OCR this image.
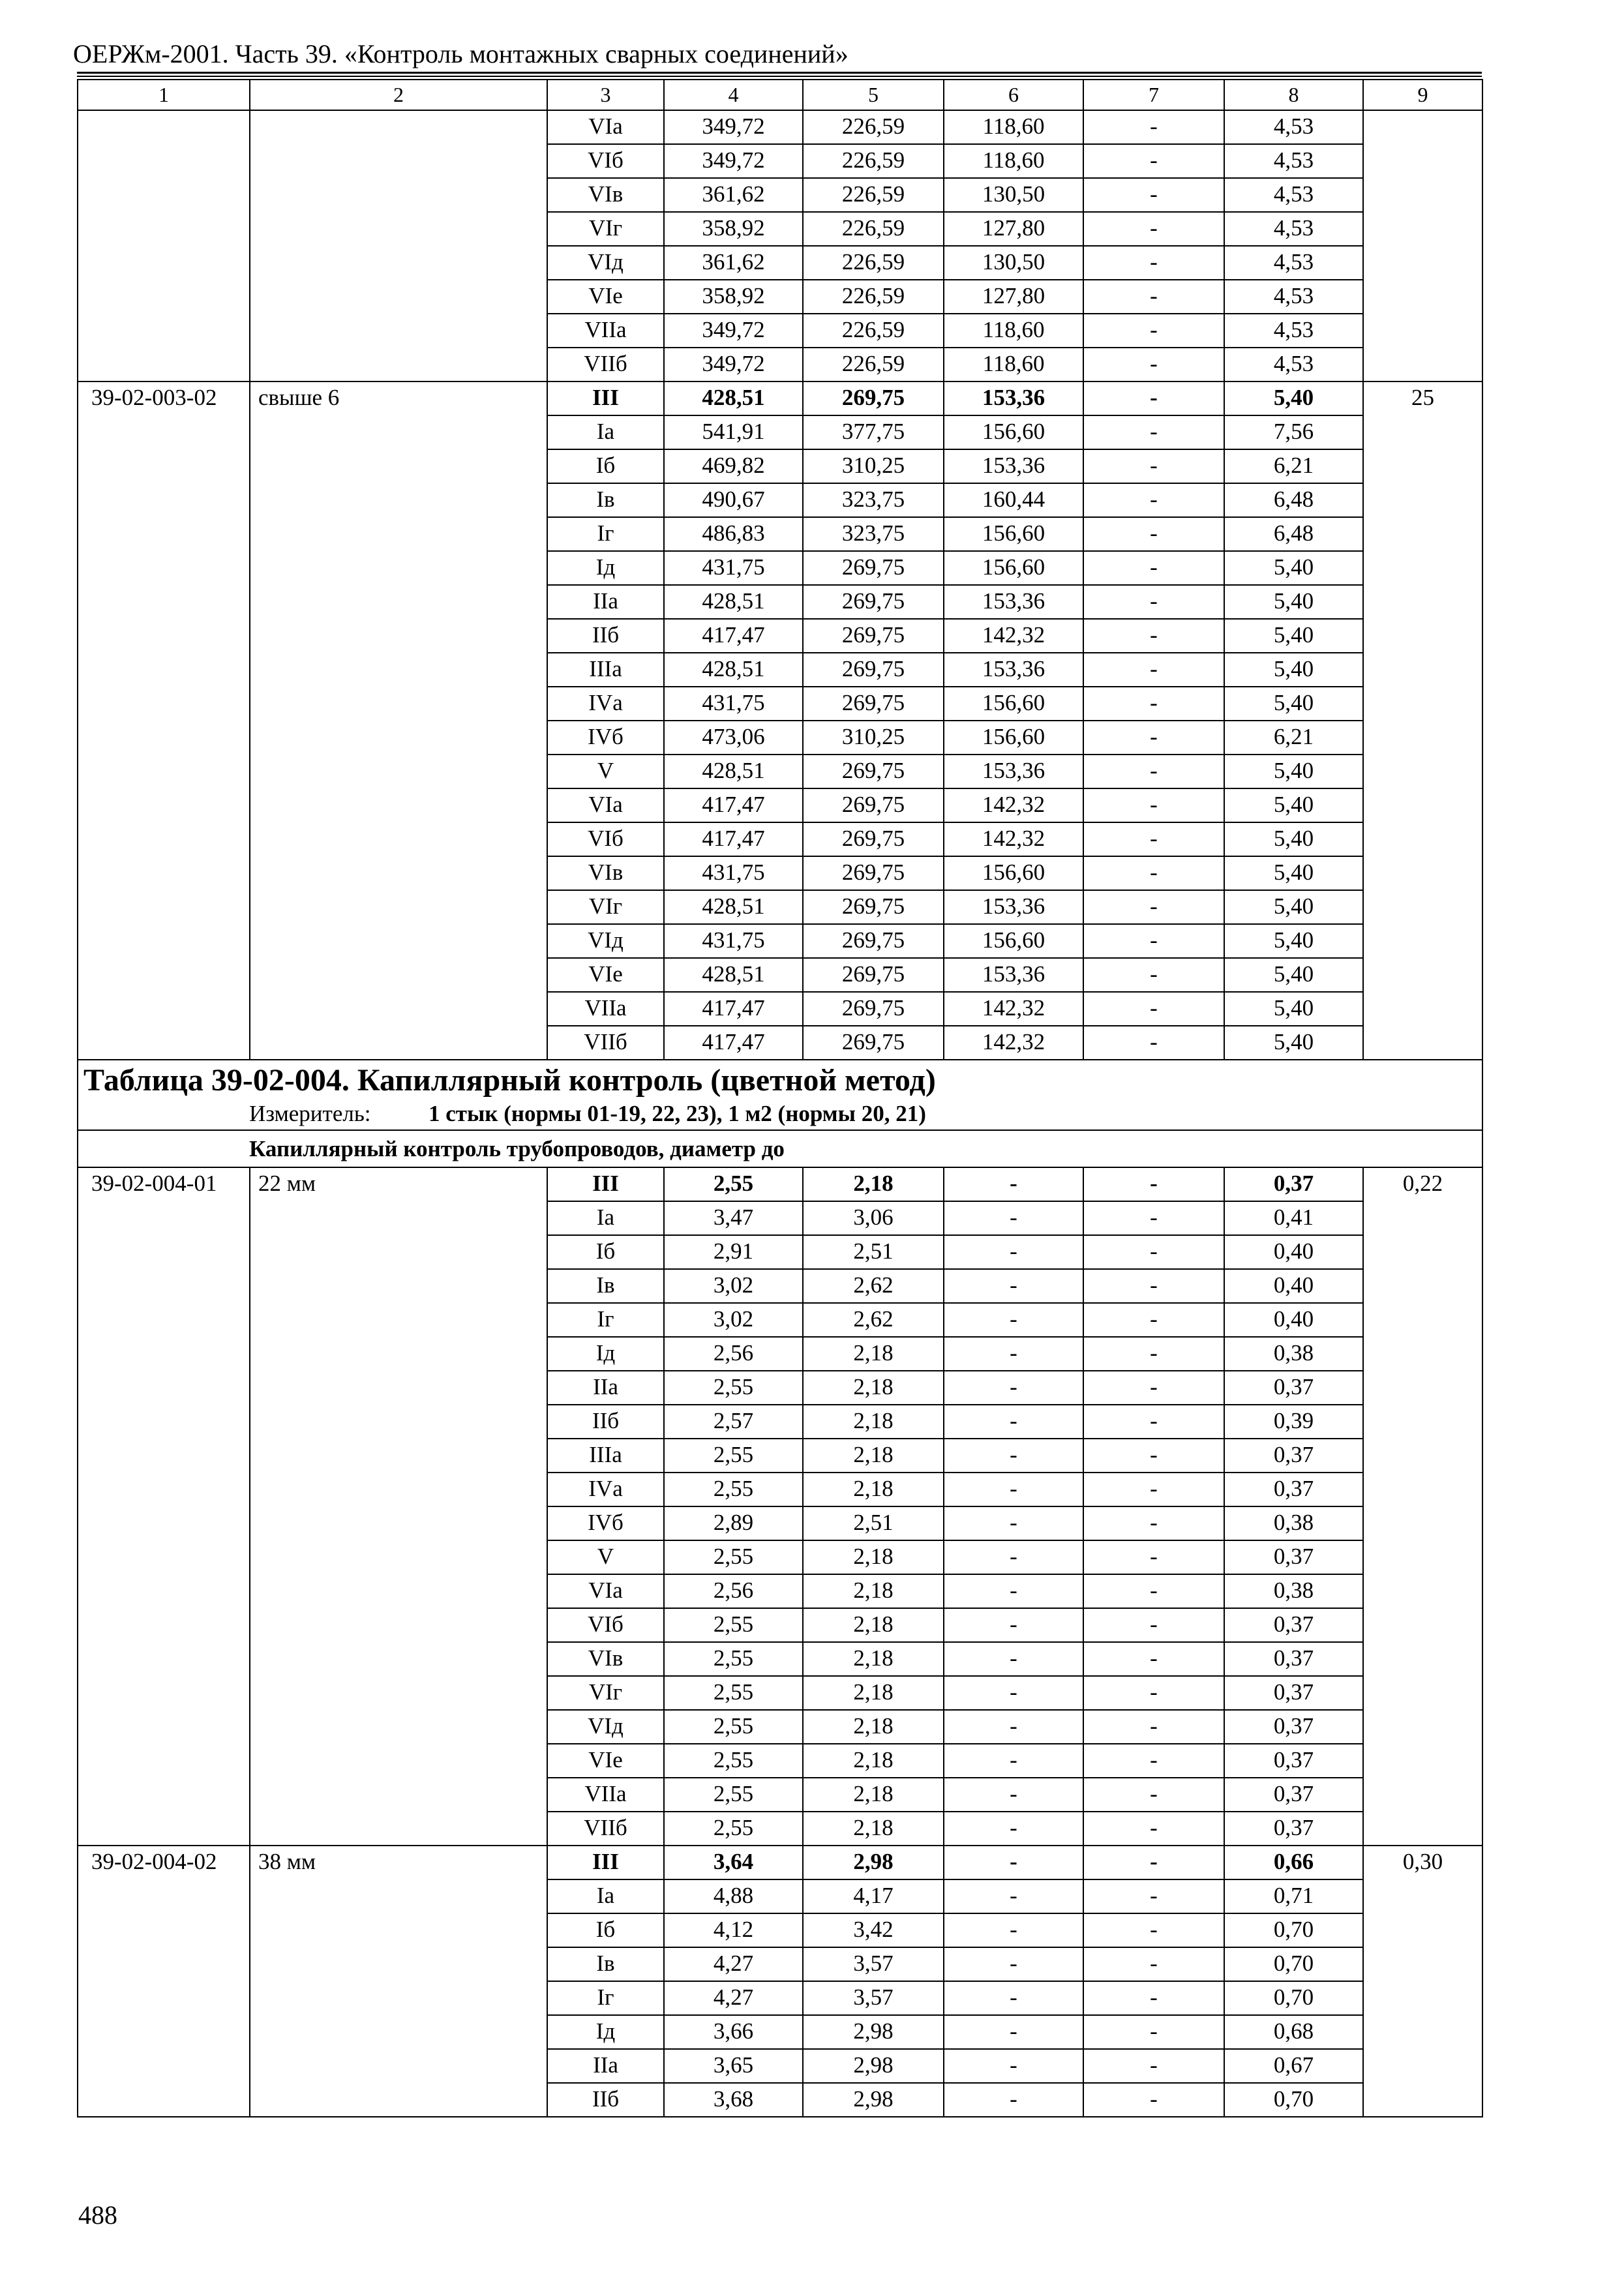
ОЕРЖм-2001. Часть 39. «Контроль монтажных сварных соединений»
1	2	3	4	5	6	7	8	9
		VIа	349,72	226,59	118,60	-	4,53	
		VIб	349,72	226,59	118,60	-	4,53	
		VIв	361,62	226,59	130,50	-	4,53	
		VIг	358,92	226,59	127,80	-	4,53	
		VIд	361,62	226,59	130,50	-	4,53	
		VIе	358,92	226,59	127,80	-	4,53	
		VIIа	349,72	226,59	118,60	-	4,53	
		VIIб	349,72	226,59	118,60	-	4,53	
39-02-003-02	свыше 6	III	428,51	269,75	153,36	-	5,40	25
		Iа	541,91	377,75	156,60	-	7,56	
		Iб	469,82	310,25	153,36	-	6,21	
		Iв	490,67	323,75	160,44	-	6,48	
		Iг	486,83	323,75	156,60	-	6,48	
		Iд	431,75	269,75	156,60	-	5,40	
		IIа	428,51	269,75	153,36	-	5,40	
		IIб	417,47	269,75	142,32	-	5,40	
		IIIа	428,51	269,75	153,36	-	5,40	
		IVа	431,75	269,75	156,60	-	5,40	
		IVб	473,06	310,25	156,60	-	6,21	
		V	428,51	269,75	153,36	-	5,40	
		VIа	417,47	269,75	142,32	-	5,40	
		VIб	417,47	269,75	142,32	-	5,40	
		VIв	431,75	269,75	156,60	-	5,40	
		VIг	428,51	269,75	153,36	-	5,40	
		VIд	431,75	269,75	156,60	-	5,40	
		VIе	428,51	269,75	153,36	-	5,40	
		VIIа	417,47	269,75	142,32	-	5,40	
		VIIб	417,47	269,75	142,32	-	5,40	
Таблица 39-02-004. Капиллярный контроль (цветной метод)								
Измеритель: 1 стык (нормы 01-19, 22, 23), 1 м2 (нормы 20, 21)								
Капиллярный контроль трубопроводов, диаметр до								
39-02-004-01	22 мм	III	2,55	2,18	-	-	0,37	0,22
		Iа	3,47	3,06	-	-	0,41	
		Iб	2,91	2,51	-	-	0,40	
		Iв	3,02	2,62	-	-	0,40	
		Iг	3,02	2,62	-	-	0,40	
		Iд	2,56	2,18	-	-	0,38	
		IIа	2,55	2,18	-	-	0,37	
		IIб	2,57	2,18	-	-	0,39	
		IIIа	2,55	2,18	-	-	0,37	
		IVа	2,55	2,18	-	-	0,37	
		IVб	2,89	2,51	-	-	0,38	
		V	2,55	2,18	-	-	0,37	
		VIа	2,56	2,18	-	-	0,38	
		VIб	2,55	2,18	-	-	0,37	
		VIв	2,55	2,18	-	-	0,37	
		VIг	2,55	2,18	-	-	0,37	
		VIд	2,55	2,18	-	-	0,37	
		VIе	2,55	2,18	-	-	0,37	
		VIIа	2,55	2,18	-	-	0,37	
		VIIб	2,55	2,18	-	-	0,37	
39-02-004-02	38 мм	III	3,64	2,98	-	-	0,66	0,30
		Iа	4,88	4,17	-	-	0,71	
		Iб	4,12	3,42	-	-	0,70	
		Iв	4,27	3,57	-	-	0,70	
		Iг	4,27	3,57	-	-	0,70	
		Iд	3,66	2,98	-	-	0,68	
		IIа	3,65	2,98	-	-	0,67	
		IIб	3,68	2,98	-	-	0,70	
488
